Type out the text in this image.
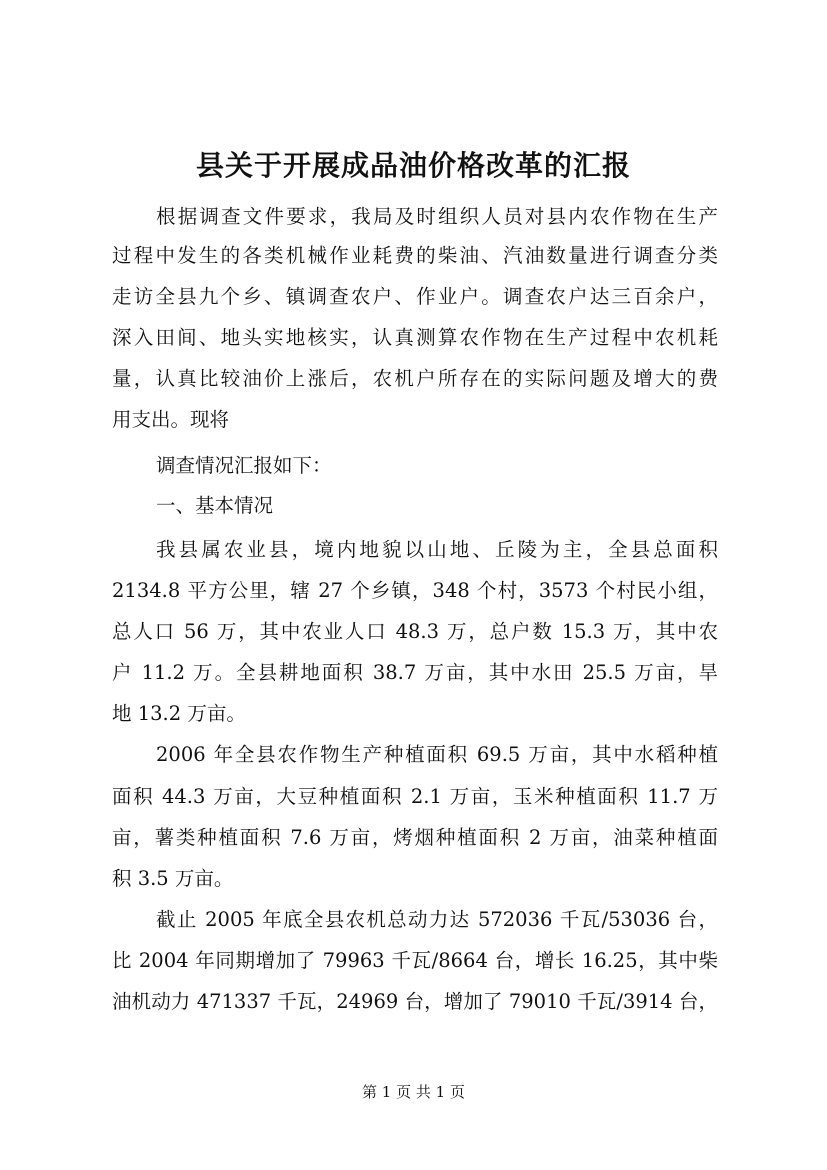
县关于开展成品油价格改革的汇报
根据调查文件要求，我局及时组织人员对县内农作物在生产
过程中发生的各类机械作业耗费的柴油、汽油数量进行调查分类
走访全县九个乡、镇调查农户、作业户。调查农户达三百余户，
深入田间、地头实地核实，认真测算农作物在生产过程中农机耗
量，认真比较油价上涨后，农机户所存在的实际问题及增大的费
用支出。现将
调查情况汇报如下：
一、基本情况
我县属农业县，境内地貌以山地、丘陵为主，全县总面积
2134.8 平方公里，辖 27 个乡镇，348 个村，3573 个村民小组，
总人口 56 万，其中农业人口 48.3 万，总户数 15.3 万，其中农
户 11.2 万。全县耕地面积 38.7 万亩，其中水田 25.5 万亩，旱
地 13.2 万亩。
2006 年全县农作物生产种植面积 69.5 万亩，其中水稻种植
面积 44.3 万亩，大豆种植面积 2.1 万亩，玉米种植面积 11.7 万
亩，薯类种植面积 7.6 万亩，烤烟种植面积 2 万亩，油菜种植面
积 3.5 万亩。
截止 2005 年底全县农机总动力达 572036 千瓦/53036 台，
比 2004 年同期增加了 79963 千瓦/8664 台，增长 16.25，其中柴
油机动力 471337 千瓦，24969 台，增加了 79010 千瓦/3914 台，
第 1 页 共 1 页
